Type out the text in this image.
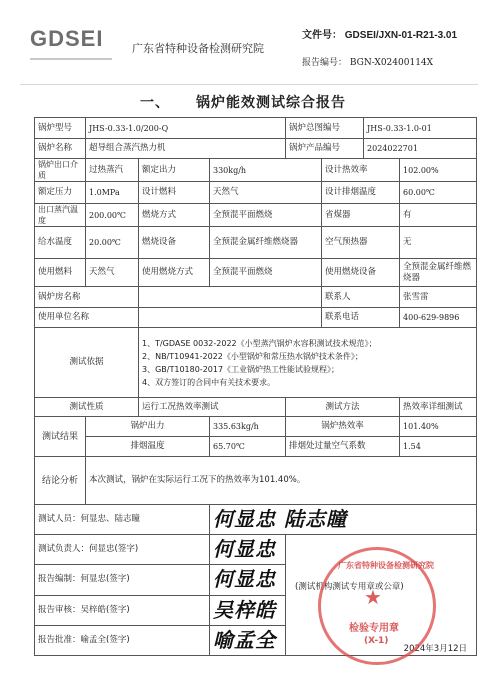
GDSEI	广东省特种设备检测研究院
文件号： GDSEI/JXN-01-R21-3.01
报告编号： BGN-X02400114X
一、 锅炉能效测试综合报告
锅炉型号	JHS-0.33-1.0/200-Q			锅炉总图编号		JHS-0.33-1.0-01	
锅炉名称	超导组合蒸汽热力机			锅炉产品编号		2024022701	
锅炉出口介质	过热蒸汽	额定出力	330kg/h		设计热效率		102.00%
额定压力	1.0MPa	设计燃料	天然气		设计排烟温度		60.00℃
出口蒸汽温度	200.00℃	燃烧方式	全预混平面燃烧		省煤器		有
给水温度	20.00℃	燃烧设备	全预混金属纤维燃烧器		空气预热器		无
使用燃料	天然气	使用燃烧方式	全预混平面燃烧		使用燃烧设备		全预混金属纤维燃烧器
锅炉房名称					联系人		张雪雷
使用单位名称					联系电话		400-629-9896
测试依据		1、T/GDASE 0032-2022《小型蒸汽锅炉水容积测试技术规范》；
2、NB/T10941-2022《小型锅炉和常压热水锅炉技术条件》；
3、GB/T10180-2017《工业锅炉热工性能试验规程》；
4、双方签订的合同中有关技术要求。					

测试性质		运行工况热效率测试		测试方法			热效率详细测试
测试结果	锅炉出力		335.63kg/h	锅炉热效率			101.40%
	排烟温度		65.70℃	排烟处过量空气系数			1.54
结论分析	本次测试，锅炉在实际运行工况下的热效率为101.40%。						
测试人员：何显忠、陆志瞳			何显忠 陆志瞳				
测试负责人：何显忠(签字)			何显忠	(测试机构测试专用章或公章)
2024年3月12日			

报告编制：何显忠(签字)			何显忠				
报告审核：吴梓皓(签字)			吴梓皓				
报告批准：喻孟全(签字)			喻孟全				
广东省特种设备检测研究院
★
检验专用章
(X-1)
